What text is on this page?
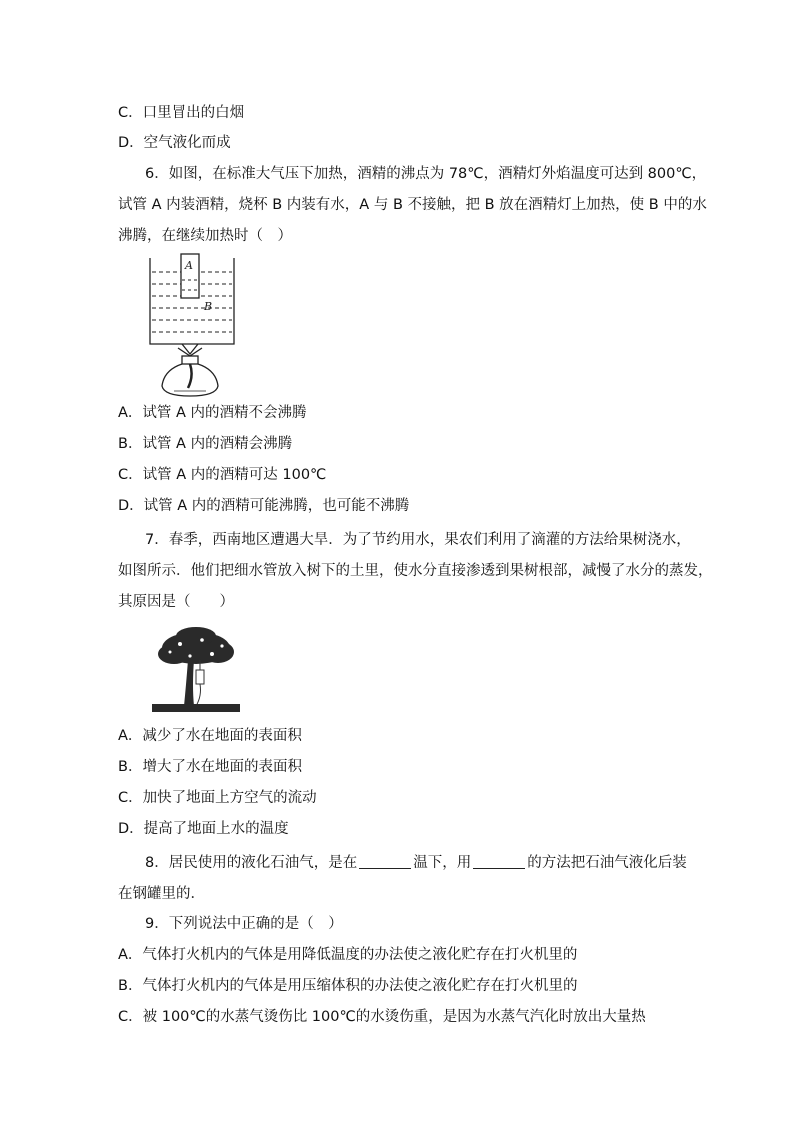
C．口里冒出的白烟
D．空气液化而成
6．如图，在标准大气压下加热，酒精的沸点为 78℃，酒精灯外焰温度可达到 800℃，
试管 A 内装酒精，烧杯 B 内装有水，A 与 B 不接触，把 B 放在酒精灯上加热，使 B 中的水
沸腾，在继续加热时（　）
A
B
A．试管 A 内的酒精不会沸腾
B．试管 A 内的酒精会沸腾
C．试管 A 内的酒精可达 100℃
D．试管 A 内的酒精可能沸腾，也可能不沸腾
7．春季，西南地区遭遇大旱．为了节约用水，果农们利用了滴灌的方法给果树浇水，
如图所示．他们把细水管放入树下的土里，使水分直接渗透到果树根部，减慢了水分的蒸发，
其原因是（　　）
A．减少了水在地面的表面积
B．增大了水在地面的表面积
C．加快了地面上方空气的流动
D．提高了地面上水的温度
8．居民使用的液化石油气，是在	温下，用	的方法把石油气液化后装
在钢罐里的．
9．下列说法中正确的是（　）
A．气体打火机内的气体是用降低温度的办法使之液化贮存在打火机里的
B．气体打火机内的气体是用压缩体积的办法使之液化贮存在打火机里的
C．被 100℃的水蒸气烫伤比 100℃的水烫伤重，是因为水蒸气汽化时放出大量热
